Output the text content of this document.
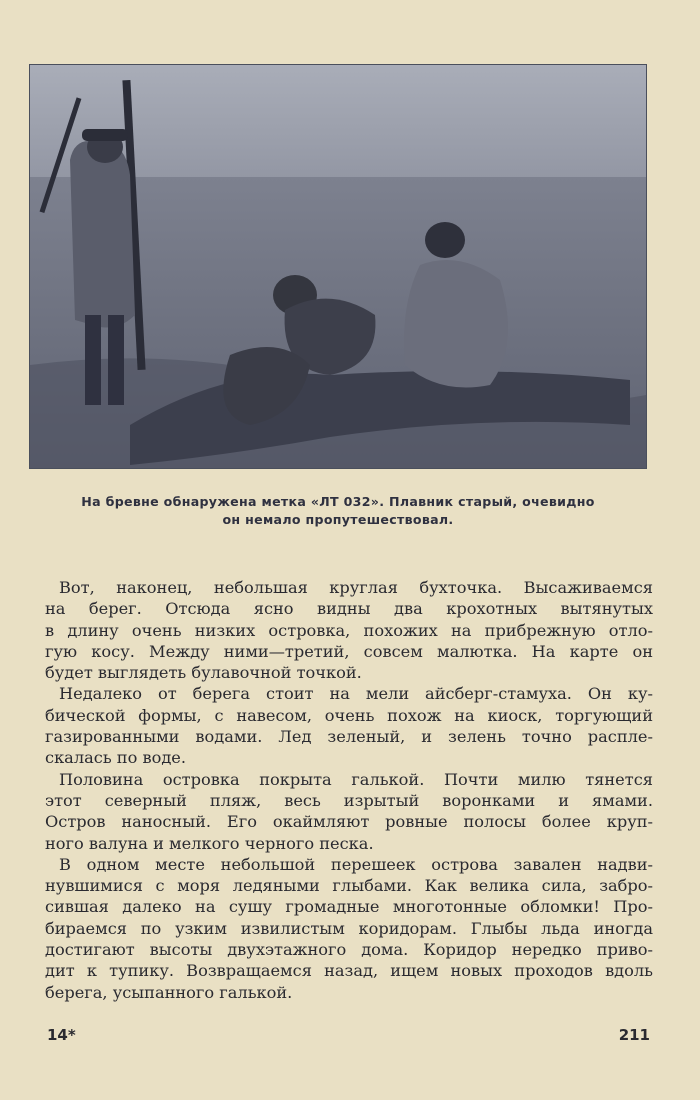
На бревне обнаружена метка «ЛТ 032». Плавник старый, очевидно
он немало пропутешествовал.
Вот, наконец, небольшая круглая бухточка. Высаживаемся
на берег. Отсюда ясно видны два крохотных вытянутых
в длину очень низких островка, похожих на прибрежную отло-
гую косу. Между ними—третий, совсем малютка. На карте он
будет выглядеть булавочной точкой.
Недалеко от берега стоит на мели айсберг-стамуха. Он ку-
бической формы, с навесом, очень похож на киоск, торгующий
газированными водами. Лед зеленый, и зелень точно распле-
скалась по воде.
Половина островка покрыта галькой. Почти милю тянется
этот северный пляж, весь изрытый воронками и ямами.
Остров наносный. Его окаймляют ровные полосы более круп-
ного валуна и мелкого черного песка.
В одном месте небольшой перешеек острова завален надви-
нувшимися с моря ледяными глыбами. Как велика сила, забро-
сившая далеко на сушу громадные многотонные обломки! Про-
бираемся по узким извилистым коридорам. Глыбы льда иногда
достигают высоты двухэтажного дома. Коридор нередко приво-
дит к тупику. Возвращаемся назад, ищем новых проходов вдоль
берега, усыпанного галькой.
14*	211
